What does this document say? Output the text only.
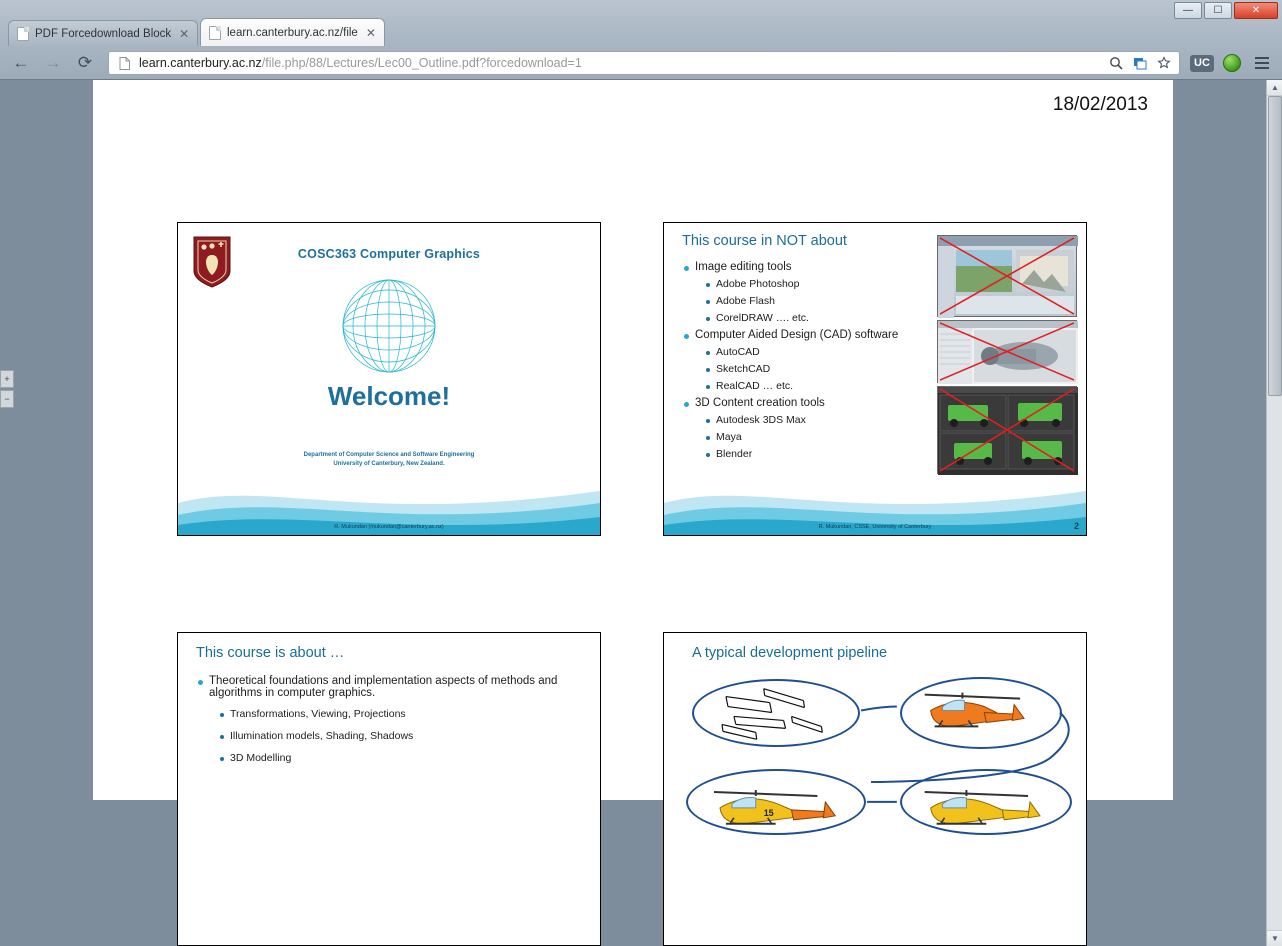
— ☐	✕
PDF Forcedownload Block ✕	learn.canterbury.ac.nz/file ✕
← → ⟳	learn.canterbury.ac.nz/file.php/88/Lectures/Lec00_Outline.pdf?forcedownload=1	UC
18/02/2013
COSC363 Computer Graphics
Welcome!
Department of Computer Science and Software Engineering
University of Canterbury, New Zealand.
R. Mukundan (mukundan@canterbury.ac.nz)
This course in NOT about
Image editing tools
Adobe Photoshop
Adobe Flash
CorelDRAW …. etc.
Computer Aided Design (CAD) software
AutoCAD
SketchCAD
RealCAD … etc.
3D Content creation tools
Autodesk 3DS Max
Maya
Blender
R. Mukundan, CSSE, University of Canterbury	2
This course is about …
Theoretical foundations and implementation aspects of methods and algorithms in computer graphics.
Transformations, Viewing, Projections
Illumination models, Shading, Shadows
3D Modelling
A typical development pipeline
15
+
−
▲
▼
